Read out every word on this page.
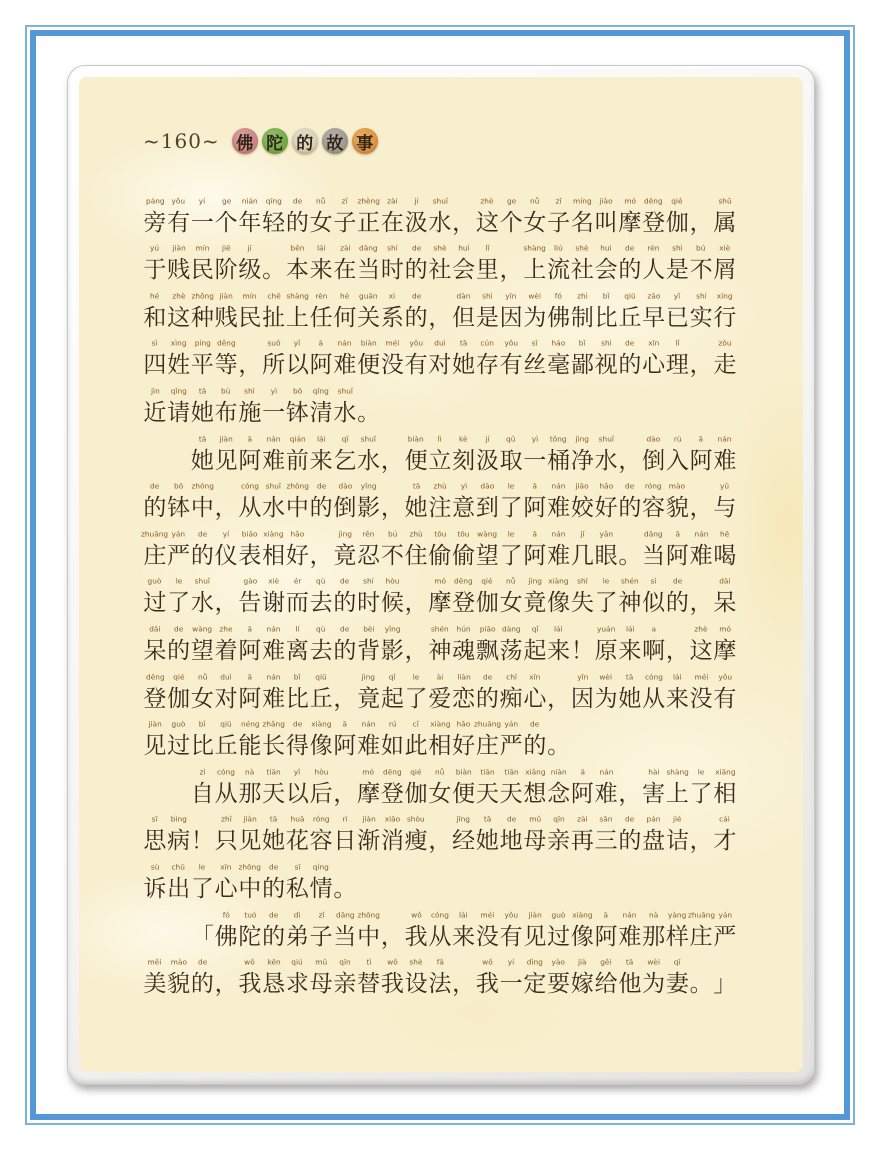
~160~ 佛 陀 的 故 事
páng
旁
yǒu
有
yí
一
ge
个
nián
年
qīng
轻
de
的
nǚ
女
zǐ
子
zhèng
正
zài
在
jí
汲
shuǐ
水 ，
zhè
这
ge
个
nǚ
女
zǐ
子
míng
名
jiào
叫
mó
摩
dēng
登
qié
伽 ，
shǔ
属
yú
于
jiàn
贱
mín
民
jiē
阶
jí
级 。
běn
本
lái
来
zài
在
dāng
当
shí
时
de
的
shè
社
huì
会
lǐ
里 ，
shàng
上
liú
流
shè
社
huì
会
de
的
rén
人
shì
是
bú
不
xiè
屑
hé
和
zhè
这
zhǒng
种
jiàn
贱
mín
民
chě
扯
shàng
上
rèn
任
hé
何
guān
关
xì
系
de
的 ，
dàn
但
shì
是
yīn
因
wèi
为
fó
佛
zhì
制
bǐ
比
qiū
丘
zǎo
早
yǐ
已
shí
实
xíng
行
sì
四
xìng
姓
píng
平
děng
等 ，
suǒ
所
yǐ
以
ā
阿
nán
难
biàn
便
méi
没
yǒu
有
duì
对
tā
她
cún
存
yǒu
有
sī
丝
háo
毫
bǐ
鄙
shì
视
de
的
xīn
心
lǐ
理 ，
zǒu
走
jìn
近
qǐng
请
tā
她
bù
布
shī
施
yì
一
bō
钵
qīng
清
shuǐ
水 。
tā
她
jiàn
见
ā
阿
nán
难
qián
前
lái
来
qǐ
乞
shuǐ
水 ，
biàn
便
lì
立
kè
刻
jí
汲
qǔ
取
yì
一
tǒng
桶
jìng
净
shuǐ
水 ，
dào
倒
rù
入
ā
阿
nán
难
de
的
bō
钵
zhōng
中 ，
cóng
从
shuǐ
水
zhōng
中
de
的
dào
倒
yǐng
影 ，
tā
她
zhù
注
yì
意
dào
到
le
了
ā
阿
nán
难
jiāo
姣
hǎo
好
de
的
róng
容
mào
貌 ，
yǔ
与
zhuāng
庄
yán
严
de
的
yí
仪
biǎo
表
xiàng
相
hǎo
好 ，
jìng
竟
rěn
忍
bú
不
zhù
住
tōu
偷
tōu
偷
wàng
望
le
了
ā
阿
nán
难
jǐ
几
yǎn
眼 。
dāng
当
ā
阿
nán
难
hē
喝
guò
过
le
了
shuǐ
水 ，
gào
告
xiè
谢
ér
而
qù
去
de
的
shí
时
hòu
候 ，
mó
摩
dēng
登
qié
伽
nǚ
女
jìng
竟
xiàng
像
shī
失
le
了
shén
神
sì
似
de
的 ，
dāi
呆
dāi
呆
de
的
wàng
望
zhe
着
ā
阿
nán
难
lí
离
qù
去
de
的
bèi
背
yǐng
影 ，
shén
神
hún
魂
piāo
飘
dàng
荡
qǐ
起
lái
来 ！
yuán
原
lái
来
a
啊 ，
zhè
这
mó
摩
dēng
登
qié
伽
nǚ
女
duì
对
ā
阿
nán
难
bǐ
比
qiū
丘 ，
jìng
竟
qǐ
起
le
了
ài
爱
liàn
恋
de
的
chī
痴
xīn
心 ，
yīn
因
wèi
为
tā
她
cóng
从
lái
来
méi
没
yǒu
有
jiàn
见
guò
过
bǐ
比
qiū
丘
néng
能
zhǎng
长
de
得
xiàng
像
ā
阿
nán
难
rú
如
cǐ
此
xiàng
相
hǎo
好
zhuāng
庄
yán
严
de
的 。
zì
自
cóng
从
nà
那
tiān
天
yǐ
以
hòu
后 ，
mó
摩
dēng
登
qié
伽
nǚ
女
biàn
便
tiān
天
tiān
天
xiǎng
想
niàn
念
ā
阿
nán
难 ，
hài
害
shàng
上
le
了
xiāng
相
sī
思
bìng
病 ！
zhǐ
只
jiàn
见
tā
她
huā
花
róng
容
rì
日
jiàn
渐
xiāo
消
shòu
瘦 ，
jīng
经
tā
她
de
地
mǔ
母
qīn
亲
zài
再
sān
三
de
的
pán
盘
jié
诘 ，
cái
才
sù
诉
chū
出
le
了
xīn
心
zhōng
中
de
的
sī
私
qíng
情 。
「
fó
佛
tuó
陀
de
的
dì
弟
zǐ
子
dāng
当
zhōng
中 ，
wǒ
我
cóng
从
lái
来
méi
没
yǒu
有
jiàn
见
guò
过
xiàng
像
ā
阿
nán
难
nà
那
yàng
样
zhuāng
庄
yán
严
měi
美
mào
貌
de
的 ，
wǒ
我
kěn
恳
qiú
求
mǔ
母
qīn
亲
tì
替
wǒ
我
shè
设
fǎ
法 ，
wǒ
我
yí
一
dìng
定
yào
要
jià
嫁
gěi
给
tā
他
wèi
为
qī
妻 。 」
